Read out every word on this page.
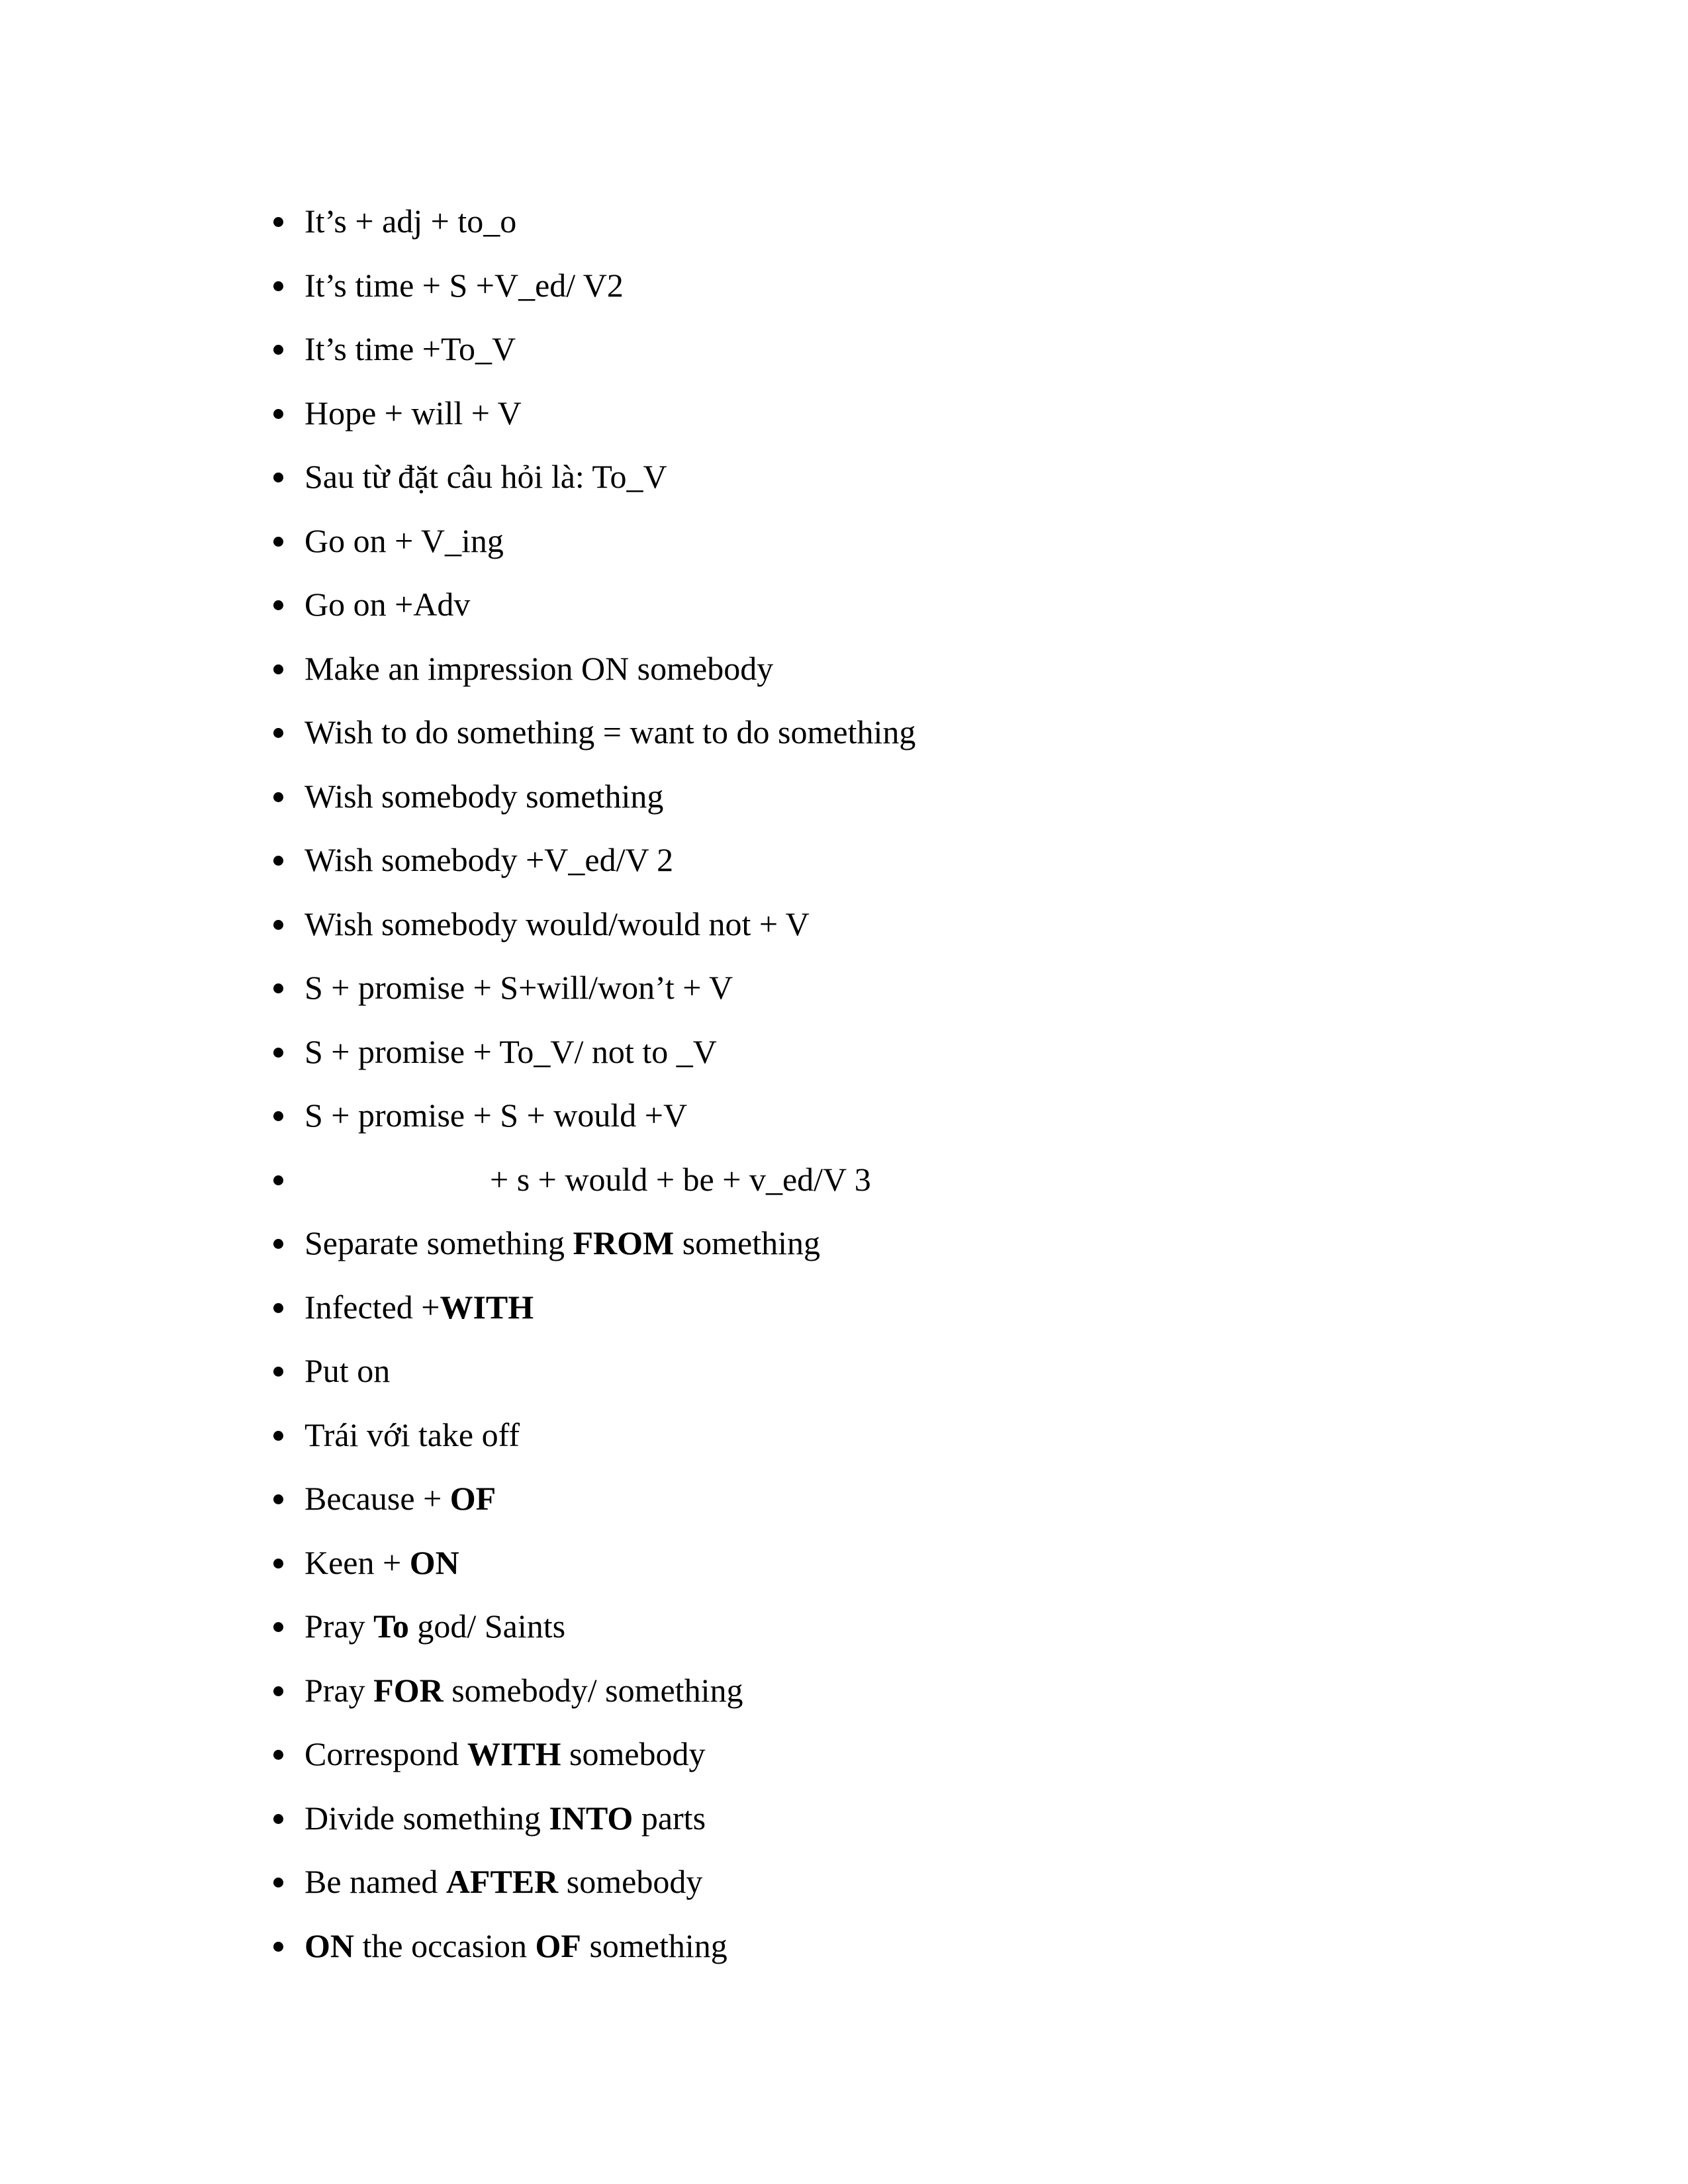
It’s + adj + to_o
It’s time + S +V_ed/ V2
It’s time +To_V
Hope + will + V
Sau từ đặt câu hỏi là: To_V
Go on + V_ing
Go on +Adv
Make an impression ON somebody
Wish to do something = want to do something
Wish somebody something
Wish somebody +V_ed/V 2
Wish somebody would/would not + V
S + promise + S+will/won’t + V
S + promise + To_V/ not to _V
S + promise + S + would +V
+ s + would + be + v_ed/V 3
Separate something FROM something
Infected +WITH
Put on
Trái với take off
Because + OF
Keen + ON
Pray To god/ Saints
Pray FOR somebody/ something
Correspond WITH somebody
Divide something INTO parts
Be named AFTER somebody
ON the occasion OF something
